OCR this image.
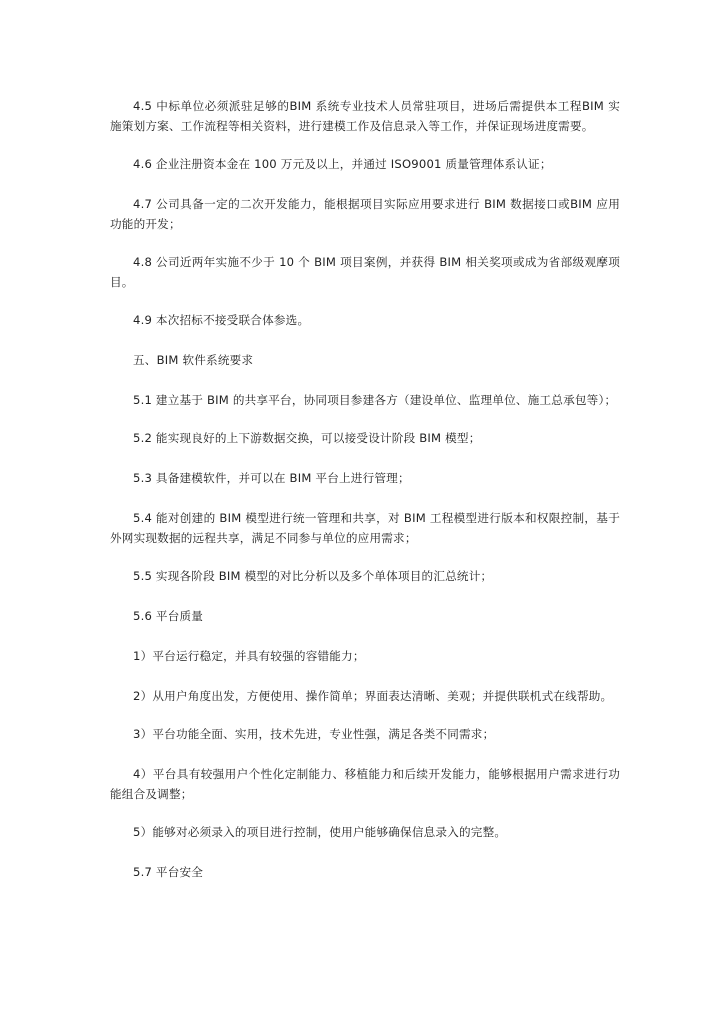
4.5 中标单位必须派驻足够的BIM 系统专业技术人员常驻项目，进场后需提供本工程BIM 实施策划方案、工作流程等相关资料，进行建模工作及信息录入等工作，并保证现场进度需要。

4.6 企业注册资本金在 100 万元及以上，并通过 ISO9001 质量管理体系认证；

4.7 公司具备一定的二次开发能力，能根据项目实际应用要求进行 BIM 数据接口或BIM 应用功能的开发；

4.8 公司近两年实施不少于 10 个 BIM 项目案例，并获得 BIM 相关奖项或成为省部级观摩项目。

4.9 本次招标不接受联合体参选。

五、BIM 软件系统要求

5.1 建立基于 BIM 的共享平台，协同项目参建各方（建设单位、监理单位、施工总承包等）；

5.2 能实现良好的上下游数据交换，可以接受设计阶段 BIM 模型；

5.3 具备建模软件，并可以在 BIM 平台上进行管理；

5.4 能对创建的 BIM 模型进行统一管理和共享，对 BIM 工程模型进行版本和权限控制，基于外网实现数据的远程共享，满足不同参与单位的应用需求；

5.5 实现各阶段 BIM 模型的对比分析以及多个单体项目的汇总统计；

5.6 平台质量

1）平台运行稳定，并具有较强的容错能力；

2）从用户角度出发，方便使用、操作简单；界面表达清晰、美观；并提供联机式在线帮助。

3）平台功能全面、实用，技术先进，专业性强，满足各类不同需求；

4）平台具有较强用户个性化定制能力、移植能力和后续开发能力，能够根据用户需求进行功能组合及调整；

5）能够对必须录入的项目进行控制，使用户能够确保信息录入的完整。

5.7 平台安全
